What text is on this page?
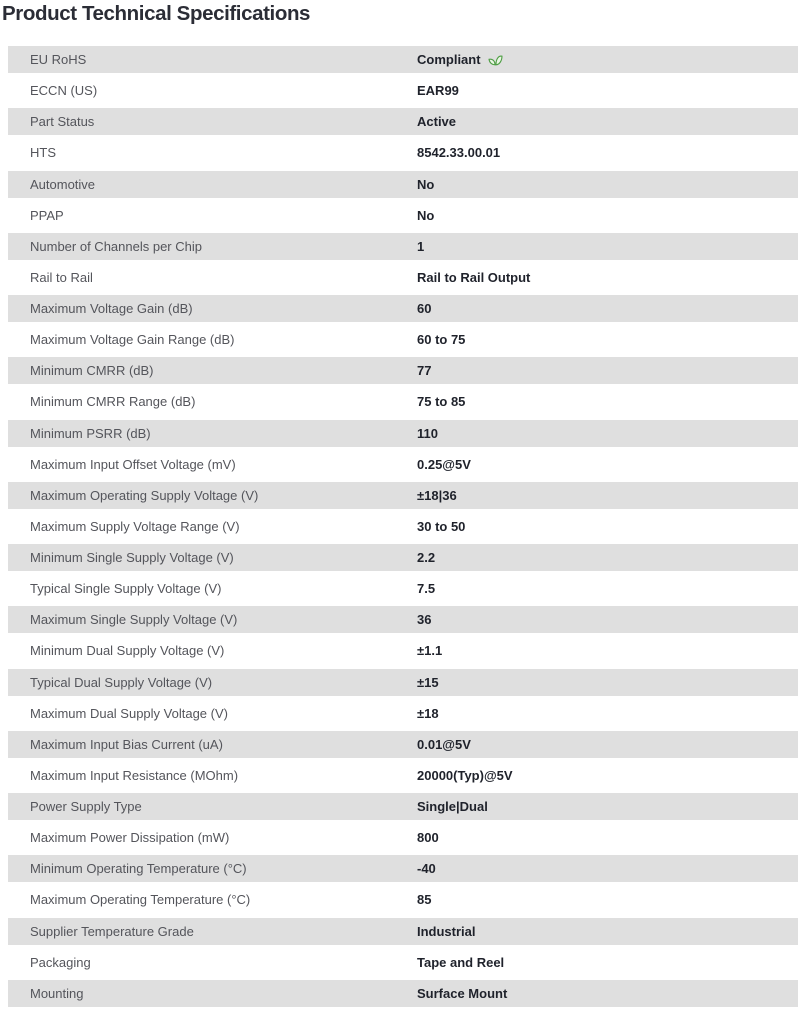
Product Technical Specifications
EU RoHS	Compliant
ECCN (US)	EAR99
Part Status	Active
HTS	8542.33.00.01
Automotive	No
PPAP	No
Number of Channels per Chip	1
Rail to Rail	Rail to Rail Output
Maximum Voltage Gain (dB)	60
Maximum Voltage Gain Range (dB)	60 to 75
Minimum CMRR (dB)	77
Minimum CMRR Range (dB)	75 to 85
Minimum PSRR (dB)	110
Maximum Input Offset Voltage (mV)	0.25@5V
Maximum Operating Supply Voltage (V)	±18|36
Maximum Supply Voltage Range (V)	30 to 50
Minimum Single Supply Voltage (V)	2.2
Typical Single Supply Voltage (V)	7.5
Maximum Single Supply Voltage (V)	36
Minimum Dual Supply Voltage (V)	±1.1
Typical Dual Supply Voltage (V)	±15
Maximum Dual Supply Voltage (V)	±18
Maximum Input Bias Current (uA)	0.01@5V
Maximum Input Resistance (MOhm)	20000(Typ)@5V
Power Supply Type	Single|Dual
Maximum Power Dissipation (mW)	800
Minimum Operating Temperature (°C)	-40
Maximum Operating Temperature (°C)	85
Supplier Temperature Grade	Industrial
Packaging	Tape and Reel
Mounting	Surface Mount
